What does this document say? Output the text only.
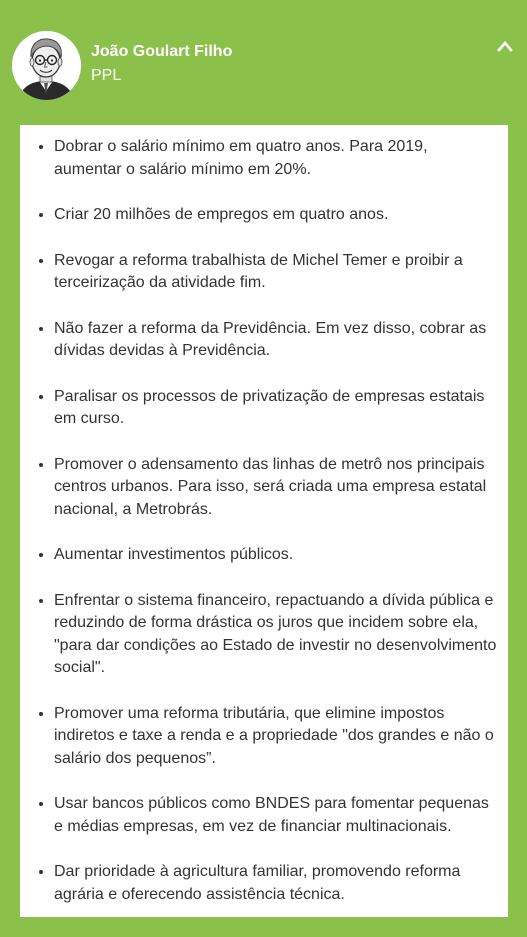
João Goulart Filho
PPL
• Dobrar o salário mínimo em quatro anos. Para 2019, aumentar o salário mínimo em 20%.
• Criar 20 milhões de empregos em quatro anos.
• Revogar a reforma trabalhista de Michel Temer e proibir a terceirização da atividade fim.
• Não fazer a reforma da Previdência. Em vez disso, cobrar as dívidas devidas à Previdência.
• Paralisar os processos de privatização de empresas estatais em curso.
• Promover o adensamento das linhas de metrô nos principais centros urbanos. Para isso, será criada uma empresa estatal nacional, a Metrobrás.
• Aumentar investimentos públicos.
• Enfrentar o sistema financeiro, repactuando a dívida pública e reduzindo de forma drástica os juros que incidem sobre ela, "para dar condições ao Estado de investir no desenvolvimento social".
• Promover uma reforma tributária, que elimine impostos indiretos e taxe a renda e a propriedade "dos grandes e não o salário dos pequenos”.
• Usar bancos públicos como BNDES para fomentar pequenas e médias empresas, em vez de financiar multinacionais.
• Dar prioridade à agricultura familiar, promovendo reforma agrária e oferecendo assistência técnica.
